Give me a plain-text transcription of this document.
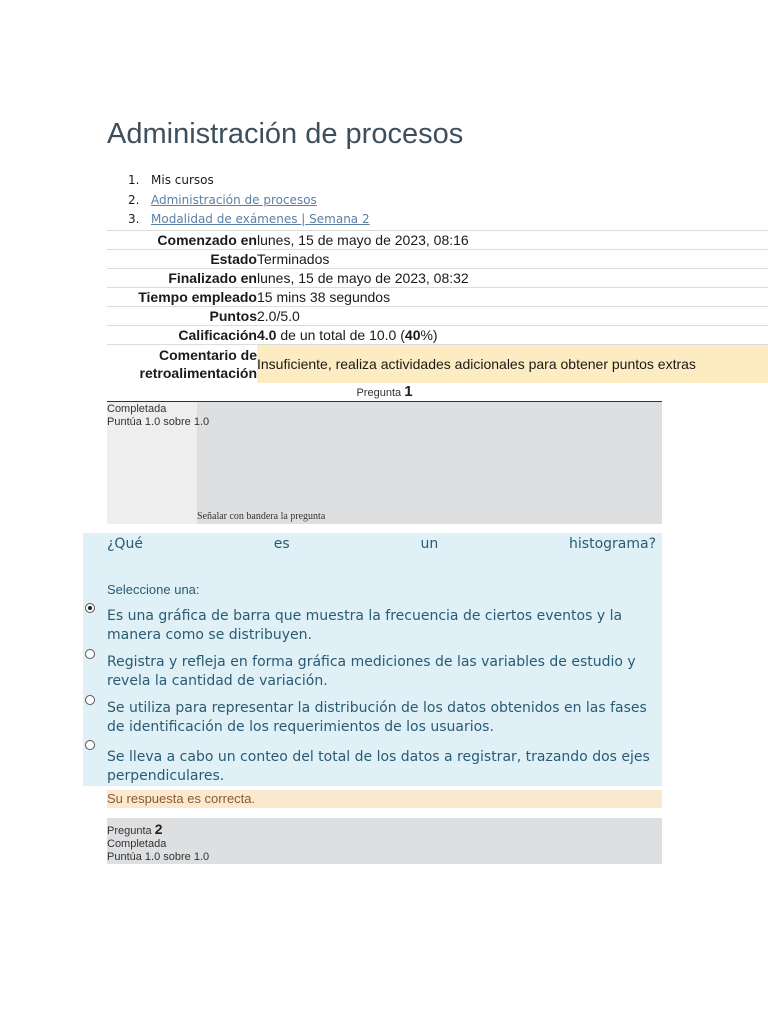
Administración de procesos
1. Mis cursos
2. Administración de procesos
3. Modalidad de exámenes | Semana 2
Comenzado en	lunes, 15 de mayo de 2023, 08:16
Estado	Terminados
Finalizado en	lunes, 15 de mayo de 2023, 08:32
Tiempo empleado	15 mins 38 segundos
Puntos	2.0/5.0
Calificación	4.0 de un total de 10.0 (40%)
Comentario de
retroalimentación	Insuficiente, realiza actividades adicionales para obtener puntos extras
Pregunta 1
Completada
Puntúa 1.0 sobre 1.0
Señalar con bandera la pregunta
¿Qué es un histograma?
Seleccione una:
Es una gráfica de barra que muestra la frecuencia de ciertos eventos y la manera como se distribuyen.
Registra y refleja en forma gráfica mediciones de las variables de estudio y revela la cantidad de variación.
Se utiliza para representar la distribución de los datos obtenidos en las fases de identificación de los requerimientos de los usuarios.
Se lleva a cabo un conteo del total de los datos a registrar, trazando dos ejes perpendiculares.
Su respuesta es correcta.
Pregunta 2
Completada
Puntúa 1.0 sobre 1.0
